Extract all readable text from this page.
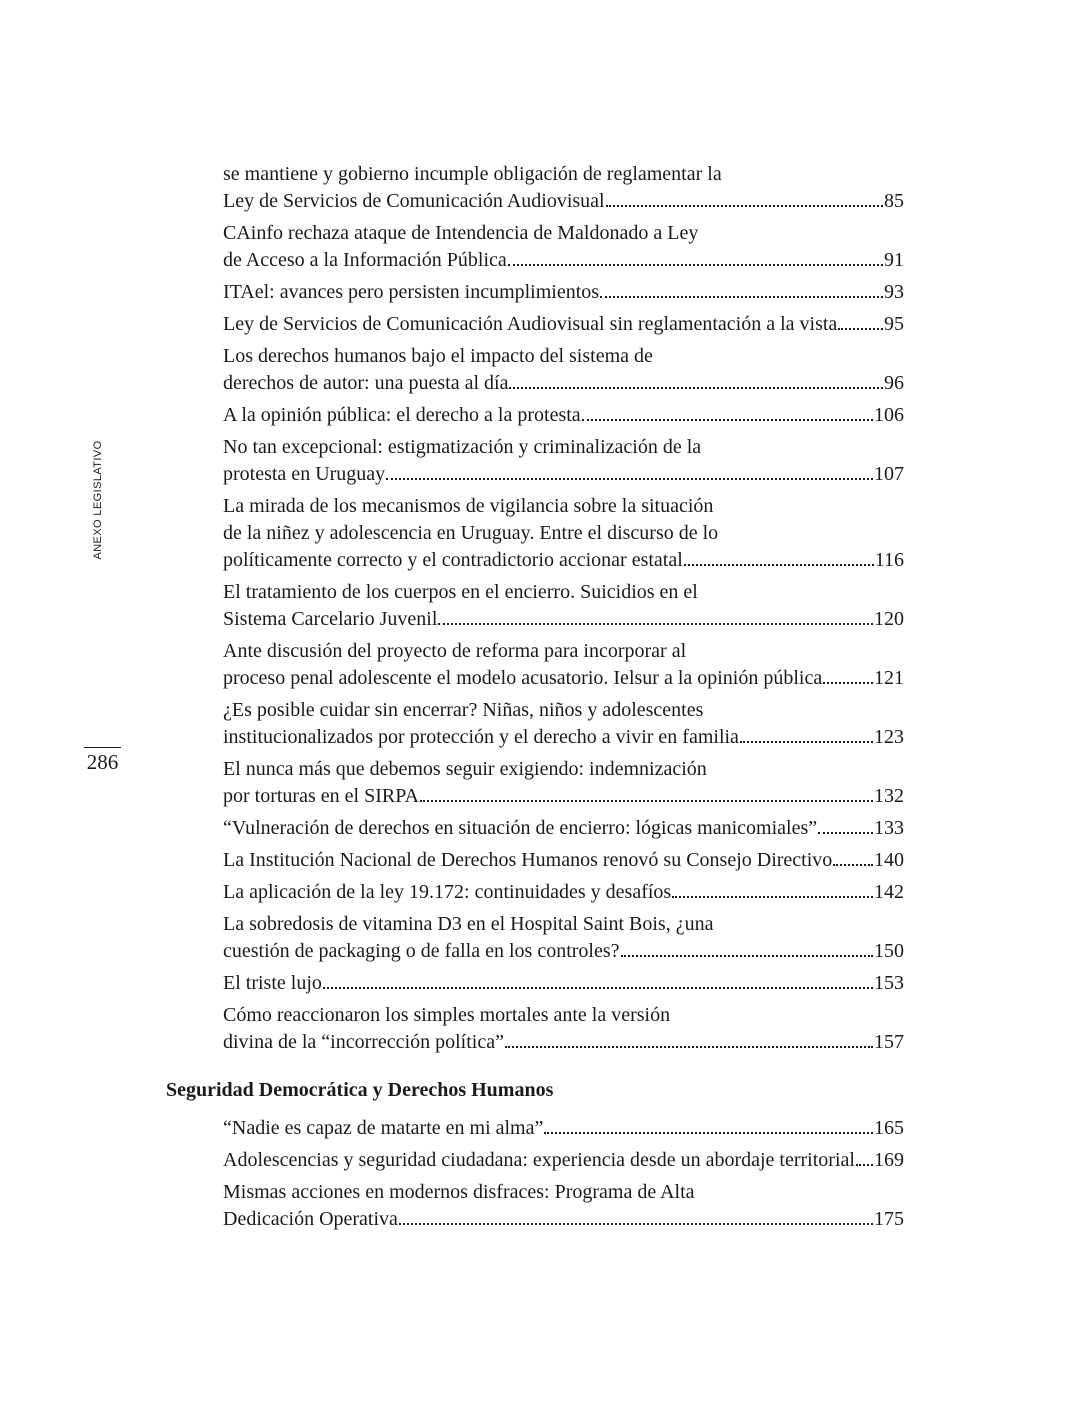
ANEXO LEGISLATIVO
286
se mantiene y gobierno incumple obligación de reglamentar la
Ley de Servicios de Comunicación Audiovisual	85
CAinfo rechaza ataque de Intendencia de Maldonado a Ley
de Acceso a la Información Pública	91
ITAel: avances pero persisten incumplimientos	93
Ley de Servicios de Comunicación Audiovisual sin reglamentación a la vista 95
Los derechos humanos bajo el impacto del sistema de
derechos de autor: una puesta al día	96
A la opinión pública: el derecho a la protesta	106
No tan excepcional: estigmatización y criminalización de la
protesta en Uruguay	107
La mirada de los mecanismos de vigilancia sobre la situación
de la niñez y adolescencia en Uruguay. Entre el discurso de lo
políticamente correcto y el contradictorio accionar estatal	116
El tratamiento de los cuerpos en el encierro. Suicidios en el
Sistema Carcelario Juvenil	120
Ante discusión del proyecto de reforma para incorporar al
proceso penal adolescente el modelo acusatorio. Ielsur a la opinión pública	121
¿Es posible cuidar sin encerrar? Niñas, niños y adolescentes
institucionalizados por protección y el derecho a vivir en familia	123
El nunca más que debemos seguir exigiendo: indemnización
por torturas en el SIRPA	132
“Vulneración de derechos en situación de encierro: lógicas manicomiales”	133
La Institución Nacional de Derechos Humanos renovó su Consejo Directivo 140
La aplicación de la ley 19.172: continuidades y desafíos	142
La sobredosis de vitamina D3 en el Hospital Saint Bois, ¿una
cuestión de packaging o de falla en los controles?	150
El triste lujo	153
Cómo reaccionaron los simples mortales ante la versión
divina de la “incorrección política”	157
Seguridad Democrática y Derechos Humanos
“Nadie es capaz de matarte en mi alma”	165
Adolescencias y seguridad ciudadana: experiencia desde un abordaje territorial 169
Mismas acciones en modernos disfraces: Programa de Alta
Dedicación Operativa	175
